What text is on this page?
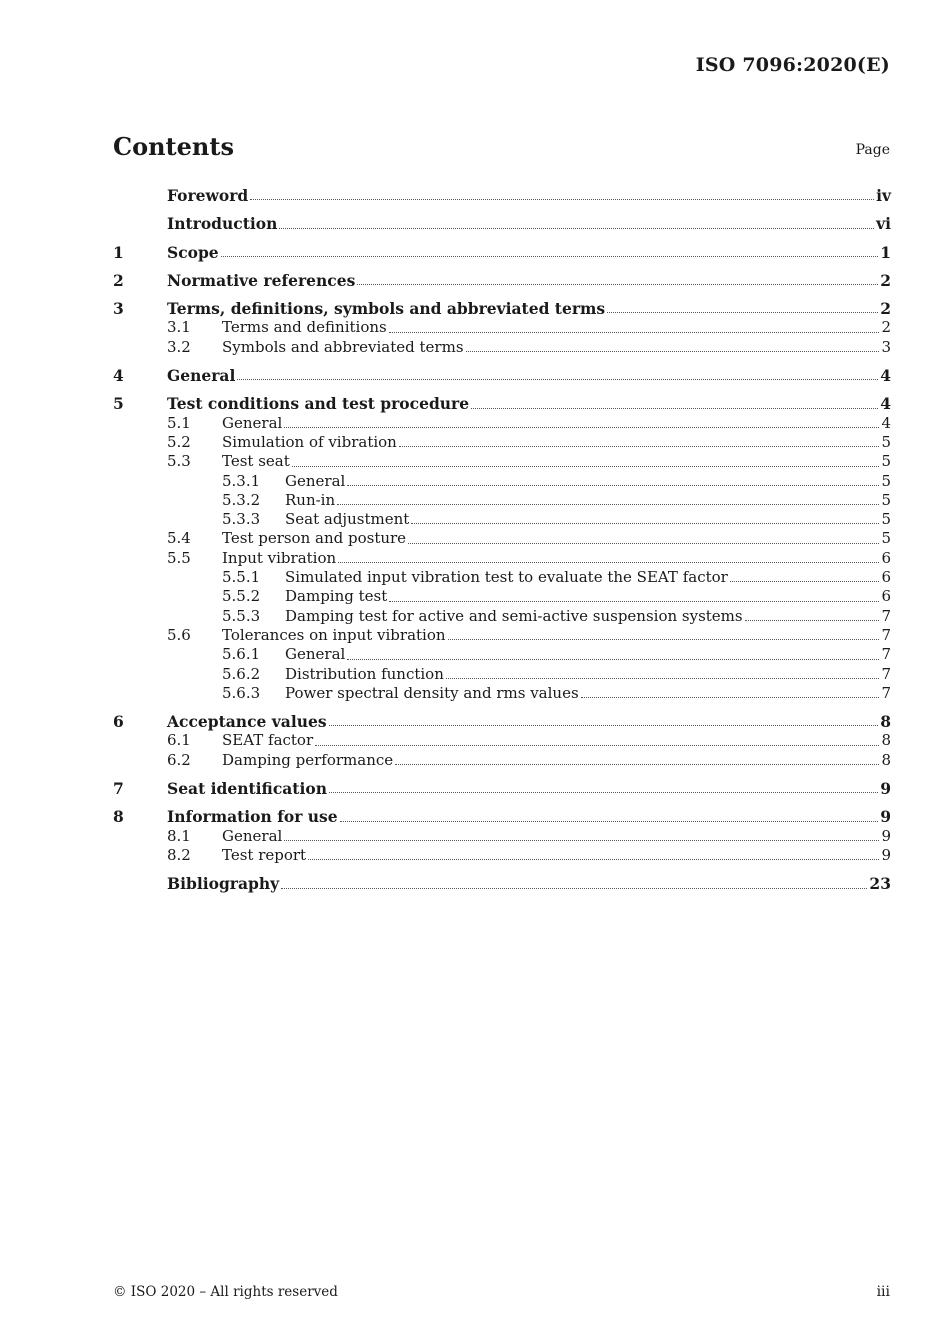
ISO 7096:2020(E)
Contents	Page
Foreword	iv
Introduction	vi
1	Scope	1
2	Normative references	2
3	Terms, definitions, symbols and abbreviated terms	2
3.1	Terms and definitions	2
3.2	Symbols and abbreviated terms	3
4	General	4
5	Test conditions and test procedure	4
5.1	General	4
5.2	Simulation of vibration	5
5.3	Test seat	5
5.3.1	General	5
5.3.2	Run-in	5
5.3.3	Seat adjustment	5
5.4	Test person and posture	5
5.5	Input vibration	6
5.5.1	Simulated input vibration test to evaluate the SEAT factor	6
5.5.2	Damping test	6
5.5.3	Damping test for active and semi-active suspension systems	7
5.6	Tolerances on input vibration	7
5.6.1	General	7
5.6.2	Distribution function	7
5.6.3	Power spectral density and rms values	7
6	Acceptance values	8
6.1	SEAT factor	8
6.2	Damping performance	8
7	Seat identification	9
8	Information for use	9
8.1	General	9
8.2	Test report	9
Bibliography	23
© ISO 2020 – All rights reserved	iii
